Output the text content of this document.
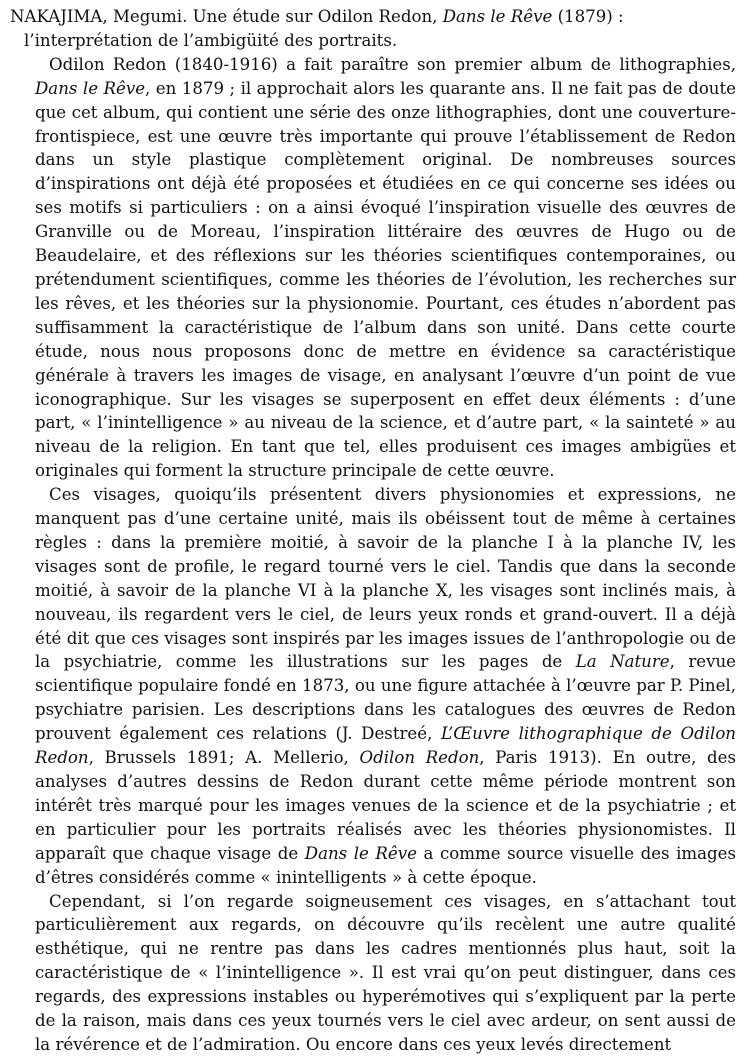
NAKAJIMA, Megumi. Une étude sur Odilon Redon, Dans le Rêve (1879) : l’interprétation de l’ambigüité des portraits.

Odilon Redon (1840-1916) a fait paraître son premier album de lithographies, Dans le Rêve, en 1879 ; il approchait alors les quarante ans. Il ne fait pas de doute que cet album, qui contient une série des onze lithographies, dont une couverture-frontispiece, est une œuvre très importante qui prouve l’établissement de Redon dans un style plastique complètement original. De nombreuses sources d’inspirations ont déjà été proposées et étudiées en ce qui concerne ses idées ou ses motifs si particuliers : on a ainsi évoqué l’inspiration visuelle des œuvres de Granville ou de Moreau, l’inspiration littéraire des œuvres de Hugo ou de Beaudelaire, et des réflexions sur les théories scientifiques contemporaines, ou prétendument scientifiques, comme les théories de l’évolution, les recherches sur les rêves, et les théories sur la physionomie. Pourtant, ces études n’abordent pas suffisamment la caractéristique de l’album dans son unité. Dans cette courte étude, nous nous proposons donc de mettre en évidence sa caractéristique générale à travers les images de visage, en analysant l’œuvre d’un point de vue iconographique. Sur les visages se superposent en effet deux éléments : d’une part, « l’inintelligence » au niveau de la science, et d’autre part, « la sainteté » au niveau de la religion. En tant que tel, elles produisent ces images ambigües et originales qui forment la structure principale de cette œuvre.

Ces visages, quoiqu’ils présentent divers physionomies et expressions, ne manquent pas d’une certaine unité, mais ils obéissent tout de même à certaines règles : dans la première moitié, à savoir de la planche I à la planche IV, les visages sont de profile, le regard tourné vers le ciel. Tandis que dans la seconde moitié, à savoir de la planche VI à la planche X, les visages sont inclinés mais, à nouveau, ils regardent vers le ciel, de leurs yeux ronds et grand-ouvert. Il a déjà été dit que ces visages sont inspirés par les images issues de l’anthropologie ou de la psychiatrie, comme les illustrations sur les pages de La Nature, revue scientifique populaire fondé en 1873, ou une figure attachée à l’œuvre par P. Pinel, psychiatre parisien. Les descriptions dans les catalogues des œuvres de Redon prouvent également ces relations (J. Destreé, L’Œuvre lithographique de Odilon Redon, Brussels 1891; A. Mellerio, Odilon Redon, Paris 1913). En outre, des analyses d’autres dessins de Redon durant cette même période montrent son intérêt très marqué pour les images venues de la science et de la psychiatrie ; et en particulier pour les portraits réalisés avec les théories physionomistes. Il apparaît que chaque visage de Dans le Rêve a comme source visuelle des images d’êtres considérés comme « inintelligents » à cette époque.

Cependant, si l’on regarde soigneusement ces visages, en s’attachant tout particulièrement aux regards, on découvre qu’ils recèlent une autre qualité esthétique, qui ne rentre pas dans les cadres mentionnés plus haut, soit la caractéristique de « l’inintelligence ». Il est vrai qu’on peut distinguer, dans ces regards, des expressions instables ou hyperémotives qui s’expliquent par la perte de la raison, mais dans ces yeux tournés vers le ciel avec ardeur, on sent aussi de la révérence et de l’admiration. Ou encore dans ces yeux levés directement
